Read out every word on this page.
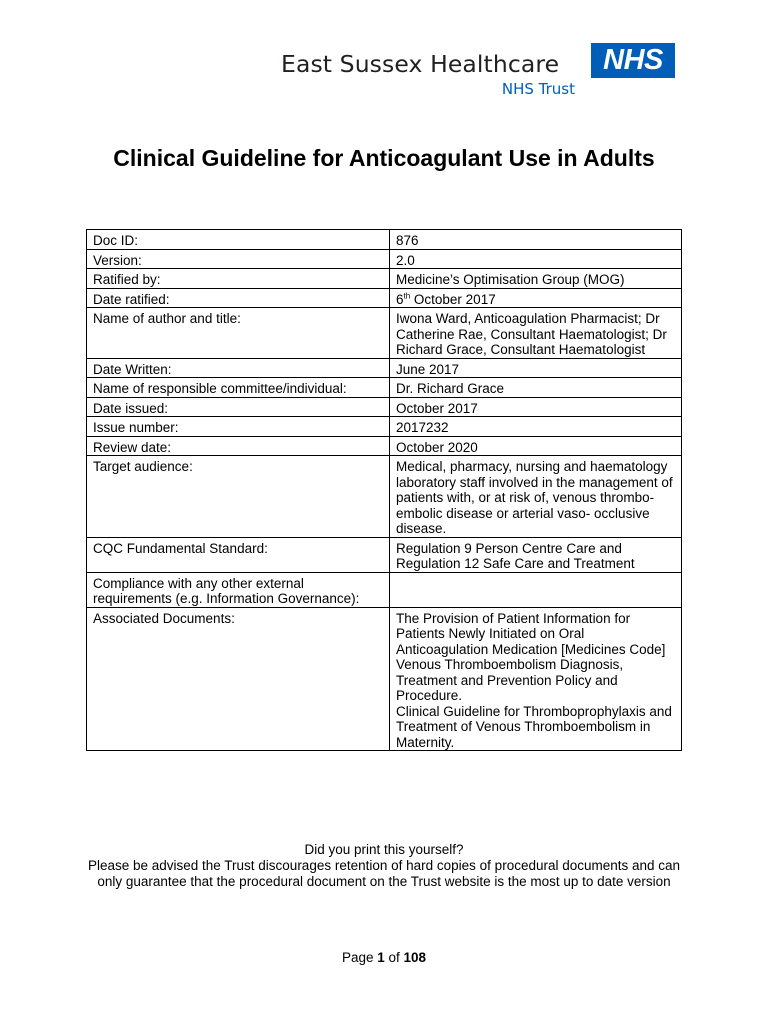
East Sussex Healthcare	NHS
NHS Trust
Clinical Guideline for Anticoagulant Use in Adults
Doc ID:	876
Version:	2.0
Ratified by:	Medicine’s Optimisation Group (MOG)
Date ratified:	6th October 2017
Name of author and title:	Iwona Ward, Anticoagulation Pharmacist; Dr Catherine Rae, Consultant Haematologist; Dr Richard Grace, Consultant Haematologist
Date Written:	June 2017
Name of responsible committee/individual:	Dr. Richard Grace
Date issued:	October 2017
Issue number:	2017232
Review date:	October 2020
Target audience:	Medical, pharmacy, nursing and haematology laboratory staff involved in the management of patients with, or at risk of, venous thrombo-embolic disease or arterial vaso- occlusive disease.
CQC Fundamental Standard:	Regulation 9 Person Centre Care and Regulation 12 Safe Care and Treatment
Compliance with any other external requirements (e.g. Information Governance):	
Associated Documents:	The Provision of Patient Information for Patients Newly Initiated on Oral Anticoagulation Medication [Medicines Code]
Venous Thromboembolism Diagnosis, Treatment and Prevention Policy and Procedure.
Clinical Guideline for Thromboprophylaxis and Treatment of Venous Thromboembolism in Maternity.
Did you print this yourself?
Please be advised the Trust discourages retention of hard copies of procedural documents and can only guarantee that the procedural document on the Trust website is the most up to date version
Page 1 of 108
